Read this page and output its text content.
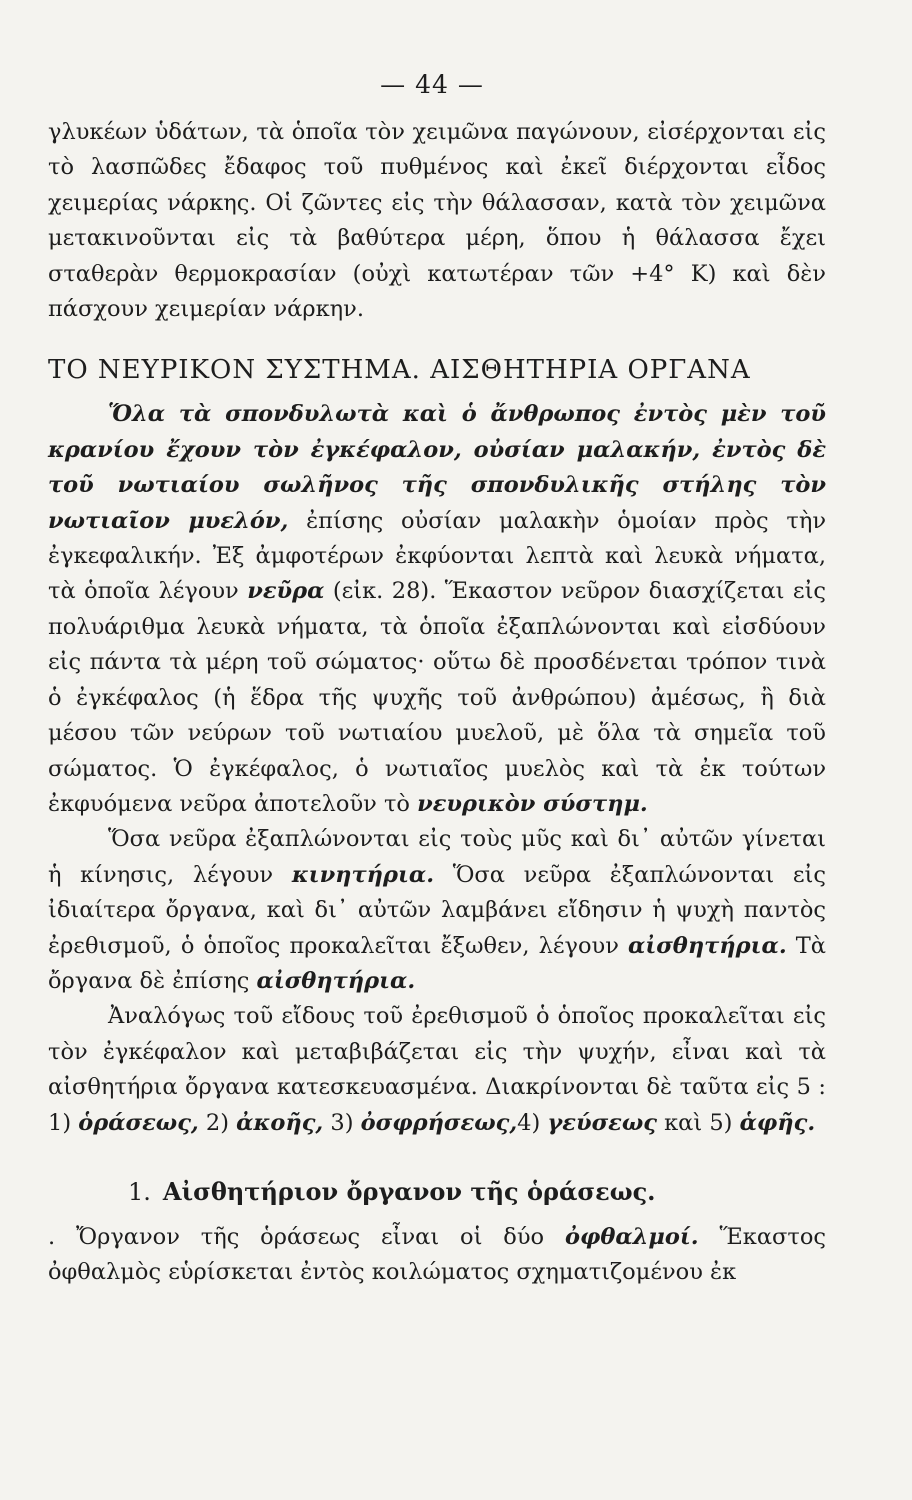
— 44 —

γλυκέων ὑδάτων, τὰ ὁποῖα τὸν χειμῶνα παγώνουν, εἰσέρχονται εἰς τὸ λασπῶδες ἔδαφος τοῦ πυθμένος καὶ ἐκεῖ διέρχονται εἶδος χειμερίας νάρκης. Οἱ ζῶντες εἰς τὴν θάλασσαν, κατὰ τὸν χειμῶνα μετακινοῦνται εἰς τὰ βαθύτερα μέρη, ὅπου ἡ θάλασσα ἔχει σταθερὰν θερμοκρασίαν (οὐχὶ κατωτέραν τῶν +4° Κ) καὶ δὲν πάσχουν χειμερίαν νάρκην.

ΤΟ ΝΕΥΡΙΚΟΝ ΣΥΣΤΗΜΑ. ΑΙΣΘΗΤΗΡΙΑ ΟΡΓΑΝΑ

Ὅλα τὰ σπονδυλωτὰ καὶ ὁ ἄνθρωπος ἐντὸς μὲν τοῦ κρανίου ἔχουν τὸν ἐγκέφαλον, οὐσίαν μαλακήν, ἐντὸς δὲ τοῦ νωτιαίου σωλῆνος τῆς σπονδυλικῆς στήλης τὸν νωτιαῖον μυελόν, ἐπίσης οὐσίαν μαλακὴν ὁμοίαν πρὸς τὴν ἐγκεφαλικήν. Ἐξ ἀμφοτέρων ἐκφύονται λεπτὰ καὶ λευκὰ νήματα, τὰ ὁποῖα λέγουν νεῦρα (εἰκ. 28). Ἕκαστον νεῦρον διασχίζεται εἰς πολυάριθμα λευκὰ νήματα, τὰ ὁποῖα ἐξαπλώνονται καὶ εἰσδύουν εἰς πάντα τὰ μέρη τοῦ σώματος· οὕτω δὲ προσδένεται τρόπον τινὰ ὁ ἐγκέφαλος (ἡ ἕδρα τῆς ψυχῆς τοῦ ἀνθρώπου) ἀμέσως, ἢ διὰ μέσου τῶν νεύρων τοῦ νωτιαίου μυελοῦ, μὲ ὅλα τὰ σημεῖα τοῦ σώματος. Ὁ ἐγκέφαλος, ὁ νωτιαῖος μυελὸς καὶ τὰ ἐκ τούτων ἐκφυόμενα νεῦρα ἀποτελοῦν τὸ νευρικὸν σύστημ.

Ὅσα νεῦρα ἐξαπλώνονται εἰς τοὺς μῦς καὶ δι᾿ αὐτῶν γίνεται ἡ κίνησις, λέγουν κινητήρια. Ὅσα νεῦρα ἐξαπλώνονται εἰς ἰδιαίτερα ὄργανα, καὶ δι᾿ αὐτῶν λαμβάνει εἴδησιν ἡ ψυχὴ παντὸς ἐρεθισμοῦ, ὁ ὁποῖος προκαλεῖται ἔξωθεν, λέγουν αἰσθητήρια. Τὰ ὄργανα δὲ ἐπίσης αἰσθητήρια.

Ἀναλόγως τοῦ εἴδους τοῦ ἐρεθισμοῦ ὁ ὁποῖος προκαλεῖται εἰς τὸν ἐγκέφαλον καὶ μεταβιβάζεται εἰς τὴν ψυχήν, εἶναι καὶ τὰ αἰσθητήρια ὄργανα κατεσκευασμένα. Διακρίνονται δὲ ταῦτα εἰς 5 : 1) ὁράσεως, 2) ἀκοῆς, 3) ὀσφρήσεως,4) γεύσεως καὶ 5) ἁφῆς.

1. Αἰσθητήριον ὄργανον τῆς ὁράσεως.

. Ὄργανον τῆς ὁράσεως εἶναι οἱ δύο ὀφθαλμοί. Ἕκαστος ὀφθαλμὸς εὑρίσκεται ἐντὸς κοιλώματος σχηματιζομένου ἐκ
